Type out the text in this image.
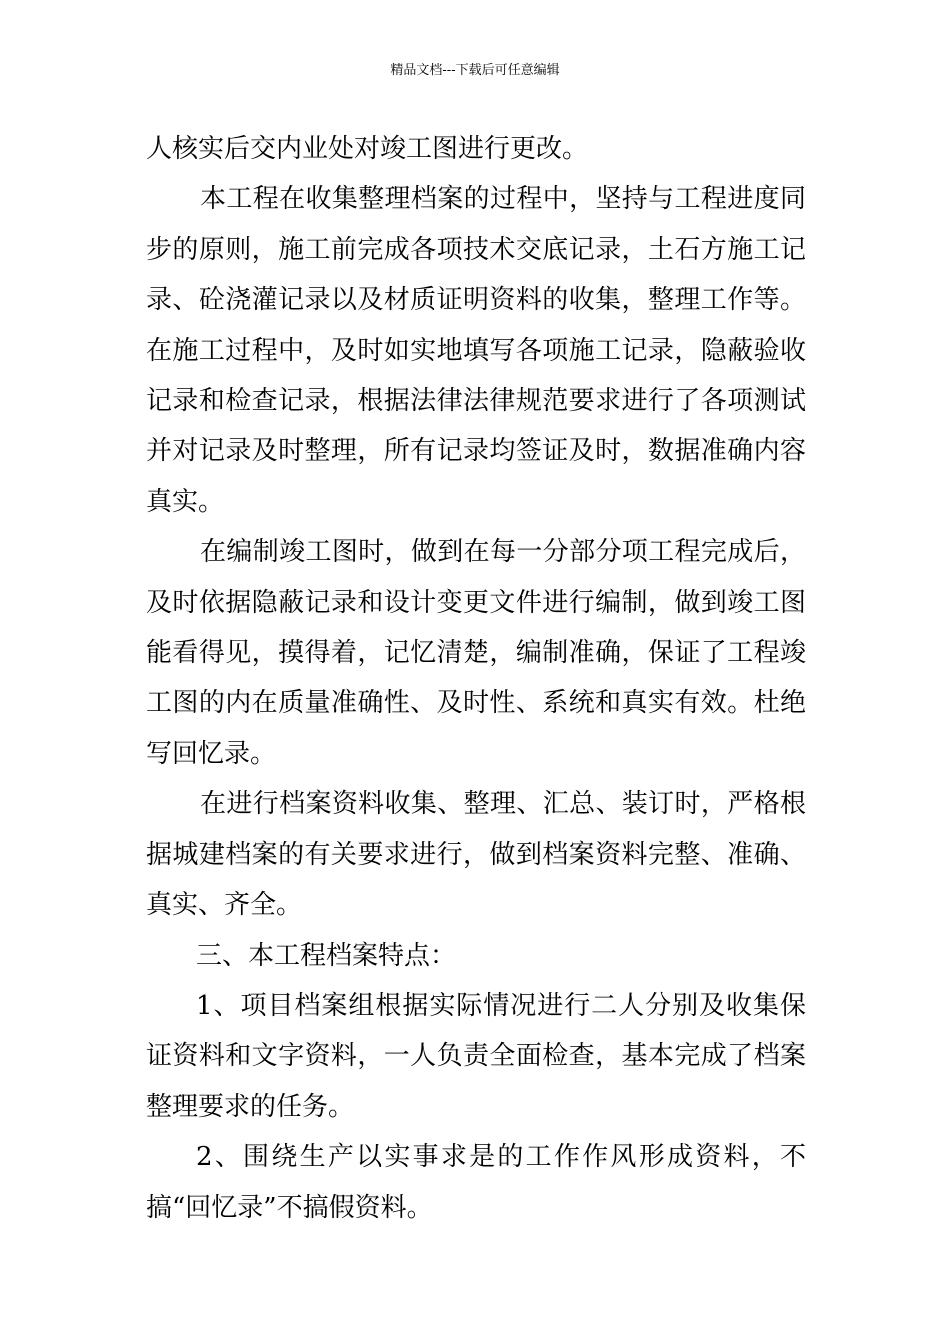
精品文档---下载后可任意编辑

人核实后交内业处对竣工图进行更改。

本工程在收集整理档案的过程中，坚持与工程进度同步的原则，施工前完成各项技术交底记录，土石方施工记录、砼浇灌记录以及材质证明资料的收集，整理工作等。在施工过程中，及时如实地填写各项施工记录，隐蔽验收记录和检查记录，根据法律法律规范要求进行了各项测试并对记录及时整理，所有记录均签证及时，数据准确内容真实。

在编制竣工图时，做到在每一分部分项工程完成后，及时依据隐蔽记录和设计变更文件进行编制，做到竣工图能看得见，摸得着，记忆清楚，编制准确，保证了工程竣工图的内在质量准确性、及时性、系统和真实有效。杜绝写回忆录。

在进行档案资料收集、整理、汇总、装订时，严格根据城建档案的有关要求进行，做到档案资料完整、准确、真实、齐全。

三、本工程档案特点：

1、项目档案组根据实际情况进行二人分别及收集保证资料和文字资料，一人负责全面检查，基本完成了档案整理要求的任务。

2、围绕生产以实事求是的工作作风形成资料，不搞“回忆录”不搞假资料。
